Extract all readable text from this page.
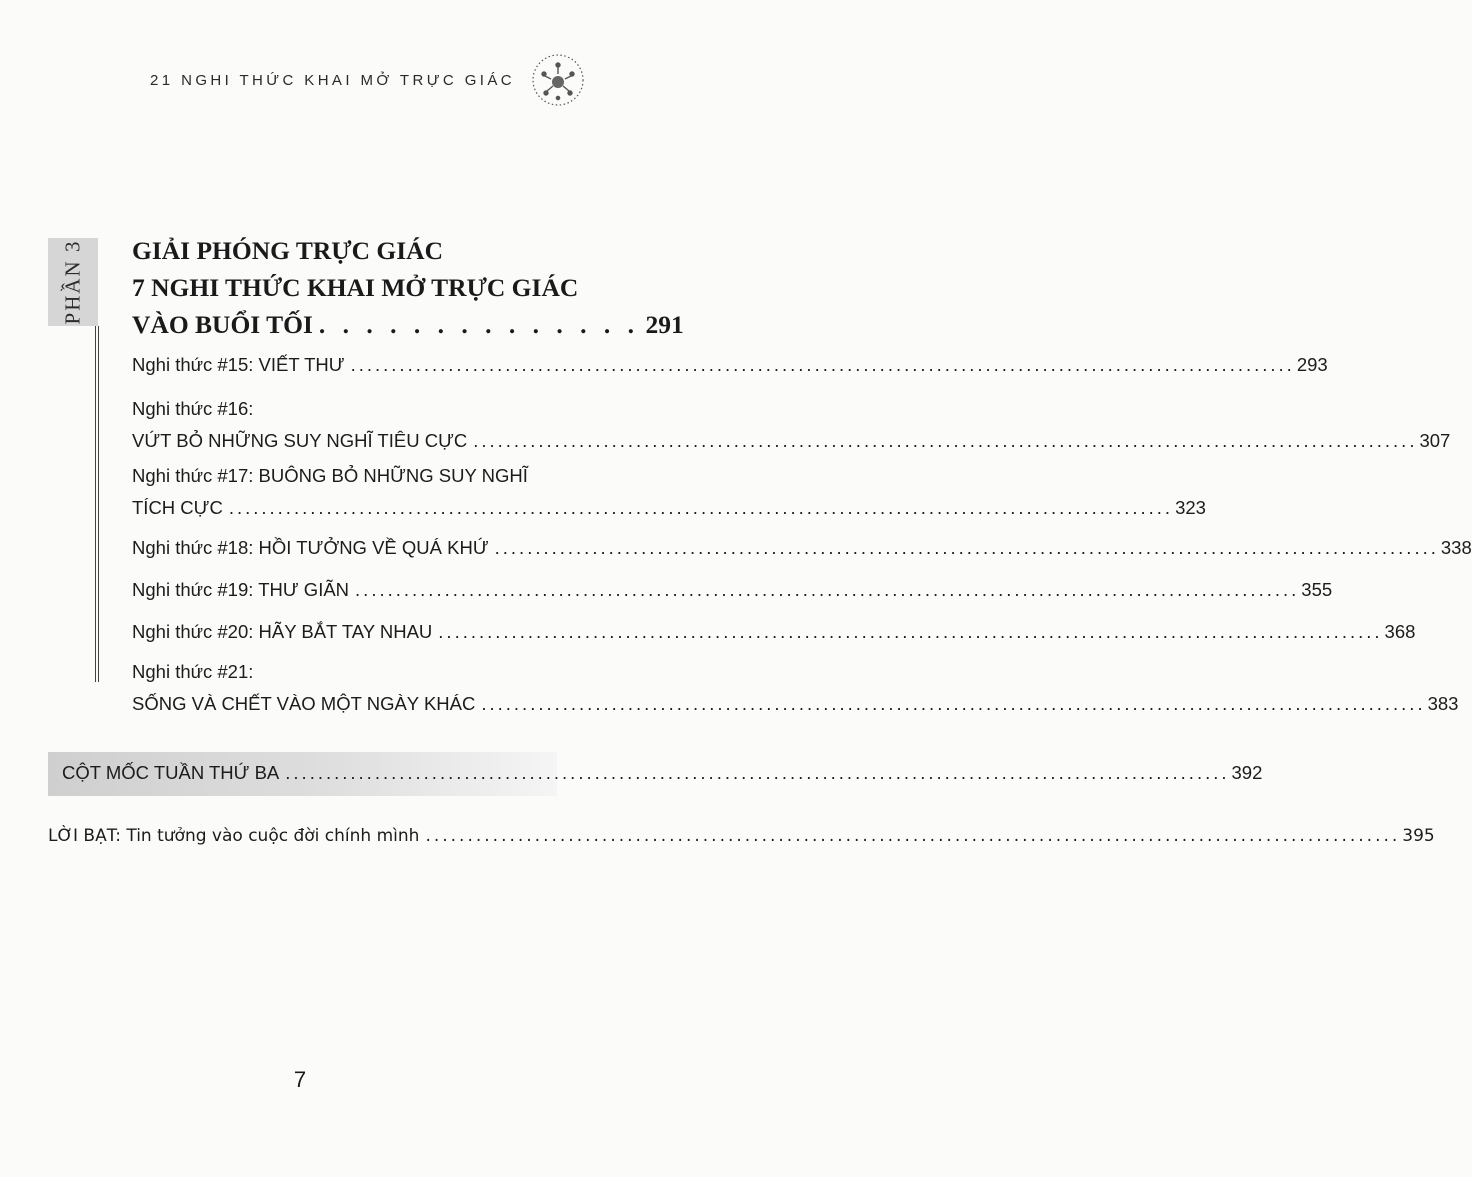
21 NGHI THỨC KHAI MỞ TRỰC GIÁC
PHẦN 3 GIẢI PHÓNG TRỰC GIÁC
7 NGHI THỨC KHAI MỞ TRỰC GIÁC
VÀO BUỔI TỐI . . . . . . . . . . . . . . 291
Nghi thức #15: VIẾT THƯ .................................................................................................................... 293
Nghi thức #16:
VỨT BỎ NHỮNG SUY NGHĨ TIÊU CỰC .................................................................................................................... 307
Nghi thức #17: BUÔNG BỎ NHỮNG SUY NGHĨ
TÍCH CỰC .................................................................................................................... 323
Nghi thức #18: HỒI TƯỞNG VỀ QUÁ KHỨ .................................................................................................................... 338
Nghi thức #19: THƯ GIÃN .................................................................................................................... 355
Nghi thức #20: HÃY BẮT TAY NHAU .................................................................................................................... 368
Nghi thức #21:
SỐNG VÀ CHẾT VÀO MỘT NGÀY KHÁC .................................................................................................................... 383
CỘT MỐC TUẦN THỨ BA .................................................................................................................... 392
LỜI BẠT: Tin tưởng vào cuộc đời chính mình .................................................................................................................... 395
7
